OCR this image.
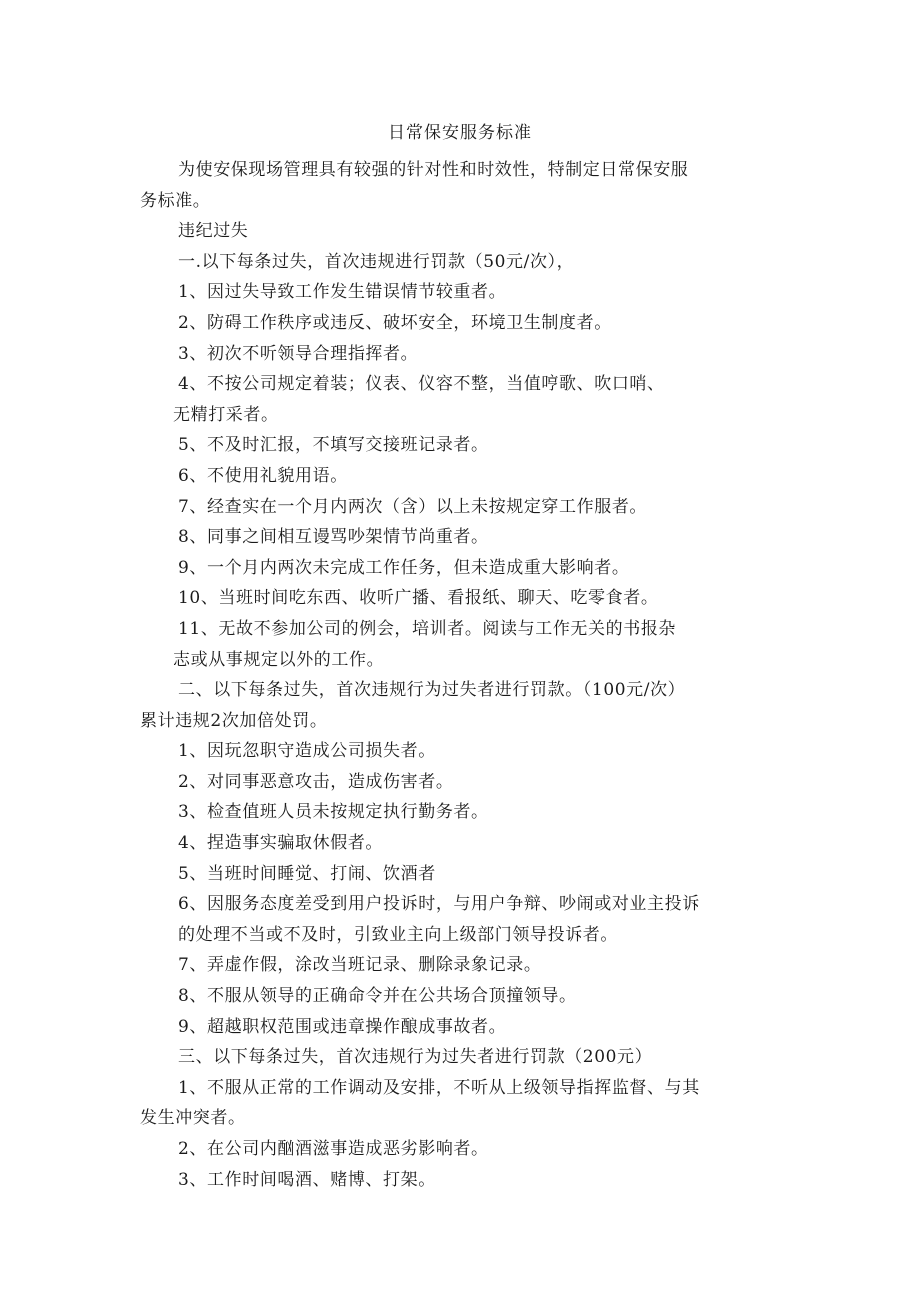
日常保安服务标准
为使安保现场管理具有较强的针对性和时效性，特制定日常保安服
务标准。
违纪过失
一.以下每条过失，首次违规进行罚款（50元/次），
1、因过失导致工作发生错误情节较重者。
2、防碍工作秩序或违反、破坏安全，环境卫生制度者。
3、初次不听领导合理指挥者。
4、不按公司规定着装；仪表、仪容不整，当值哼歌、吹口哨、
无精打采者。
5、不及时汇报，不填写交接班记录者。
6、不使用礼貌用语。
7、经查实在一个月内两次（含）以上未按规定穿工作服者。
8、同事之间相互谩骂吵架情节尚重者。
9、一个月内两次未完成工作任务，但未造成重大影响者。
10、当班时间吃东西、收听广播、看报纸、聊天、吃零食者。
11、无故不参加公司的例会，培训者。阅读与工作无关的书报杂
志或从事规定以外的工作。
二、以下每条过失，首次违规行为过失者进行罚款。（100元/次）
累计违规2次加倍处罚。
1、因玩忽职守造成公司损失者。
2、对同事恶意攻击，造成伤害者。
3、检查值班人员未按规定执行勤务者。
4、捏造事实骗取休假者。
5、当班时间睡觉、打闹、饮酒者
6、因服务态度差受到用户投诉时，与用户争辩、吵闹或对业主投诉
的处理不当或不及时，引致业主向上级部门领导投诉者。
7、弄虚作假，涂改当班记录、删除录象记录。
8、不服从领导的正确命令并在公共场合顶撞领导。
9、超越职权范围或违章操作酿成事故者。
三、以下每条过失，首次违规行为过失者进行罚款（200元）
1、不服从正常的工作调动及安排，不听从上级领导指挥监督、与其
发生冲突者。
2、在公司内酗酒滋事造成恶劣影响者。
3、工作时间喝酒、赌博、打架。
